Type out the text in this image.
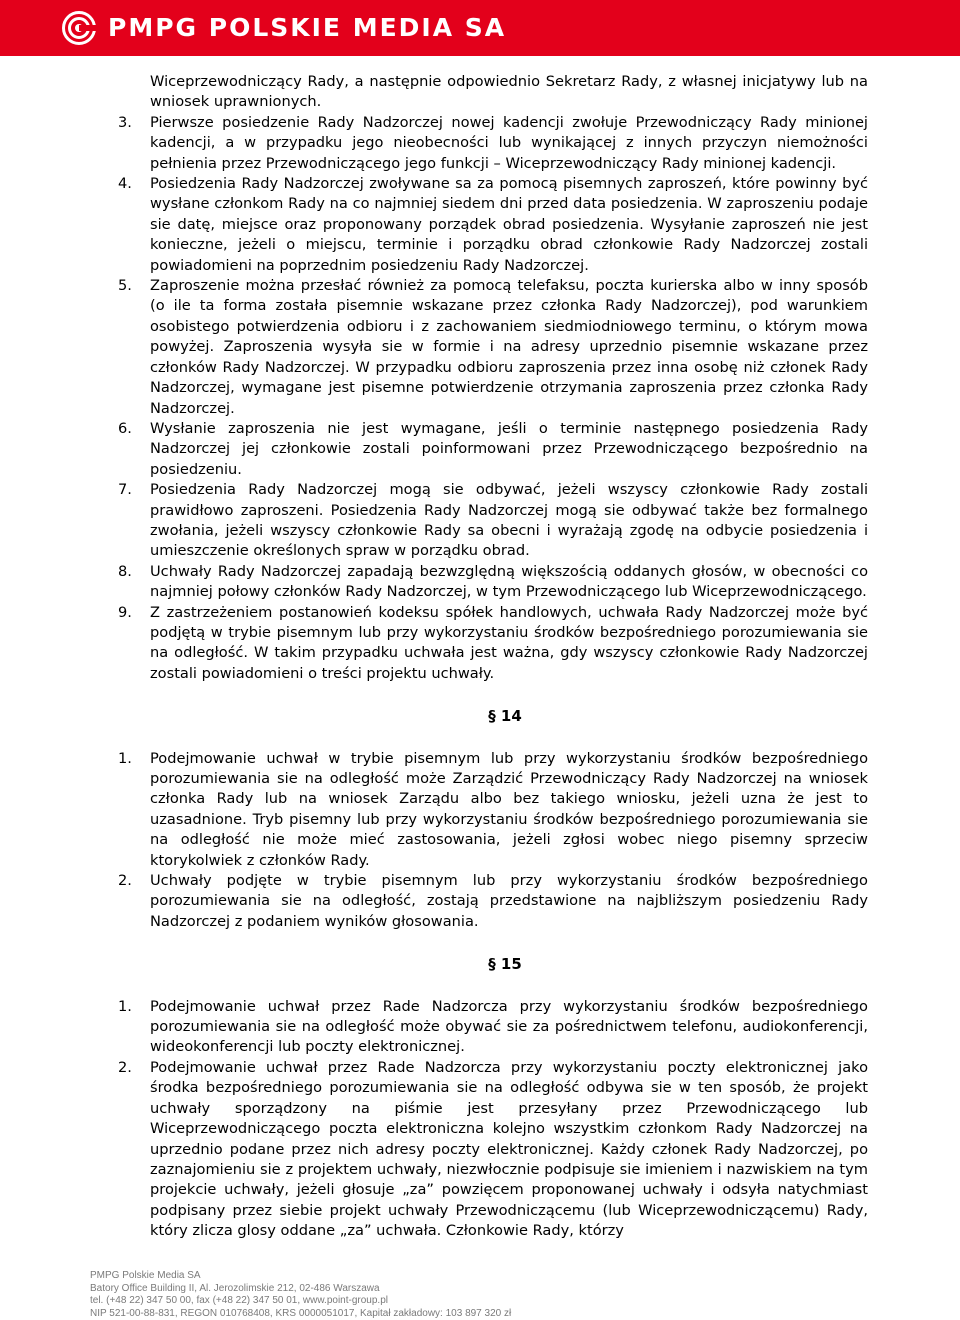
PMPG POLSKIE MEDIA SA
Wiceprzewodniczący Rady, a następnie odpowiednio Sekretarz Rady, z własnej inicjatywy lub na wniosek uprawnionych.
3. Pierwsze posiedzenie Rady Nadzorczej nowej kadencji zwołuje Przewodniczący Rady minionej kadencji, a w przypadku jego nieobecności lub wynikającej z innych przyczyn niemożności pełnienia przez Przewodniczącego jego funkcji – Wiceprzewodniczący Rady minionej kadencji.
4. Posiedzenia Rady Nadzorczej zwoływane sa za pomocą pisemnych zaproszeń, które powinny być wysłane członkom Rady na co najmniej siedem dni przed data posiedzenia. W zaproszeniu podaje sie datę, miejsce oraz proponowany porządek obrad posiedzenia. Wysyłanie zaproszeń nie jest konieczne, jeżeli o miejscu, terminie i porządku obrad członkowie Rady Nadzorczej zostali powiadomieni na poprzednim posiedzeniu Rady Nadzorczej.
5. Zaproszenie można przesłać również za pomocą telefaksu, poczta kurierska albo w inny sposób (o ile ta forma została pisemnie wskazane przez członka Rady Nadzorczej), pod warunkiem osobistego potwierdzenia odbioru i z zachowaniem siedmiodniowego terminu, o którym mowa powyżej. Zaproszenia wysyła sie w formie i na adresy uprzednio pisemnie wskazane przez członków Rady Nadzorczej. W przypadku odbioru zaproszenia przez inna osobę niż członek Rady Nadzorczej, wymagane jest pisemne potwierdzenie otrzymania zaproszenia przez członka Rady Nadzorczej.
6. Wysłanie zaproszenia nie jest wymagane, jeśli o terminie następnego posiedzenia Rady Nadzorczej jej członkowie zostali poinformowani przez Przewodniczącego bezpośrednio na posiedzeniu.
7. Posiedzenia Rady Nadzorczej mogą sie odbywać, jeżeli wszyscy członkowie Rady zostali prawidłowo zaproszeni. Posiedzenia Rady Nadzorczej mogą sie odbywać także bez formalnego zwołania, jeżeli wszyscy członkowie Rady sa obecni i wyrażają zgodę na odbycie posiedzenia i umieszczenie określonych spraw w porządku obrad.
8. Uchwały Rady Nadzorczej zapadają bezwzględną większością oddanych głosów, w obecności co najmniej połowy członków Rady Nadzorczej, w tym Przewodniczącego lub Wiceprzewodniczącego.
9. Z zastrzeżeniem postanowień kodeksu spółek handlowych, uchwała Rady Nadzorczej może być podjętą w trybie pisemnym lub przy wykorzystaniu środków bezpośredniego porozumiewania sie na odległość. W takim przypadku uchwała jest ważna, gdy wszyscy członkowie Rady Nadzorczej zostali powiadomieni o treści projektu uchwały.
§ 14
1. Podejmowanie uchwał w trybie pisemnym lub przy wykorzystaniu środków bezpośredniego porozumiewania sie na odległość może Zarządzić Przewodniczący Rady Nadzorczej na wniosek członka Rady lub na wniosek Zarządu albo bez takiego wniosku, jeżeli uzna że jest to uzasadnione. Tryb pisemny lub przy wykorzystaniu środków bezpośredniego porozumiewania sie na odległość nie może mieć zastosowania, jeżeli zgłosi wobec niego pisemny sprzeciw ktorykolwiek z członków Rady.
2. Uchwały podjęte w trybie pisemnym lub przy wykorzystaniu środków bezpośredniego porozumiewania sie na odległość, zostają przedstawione na najbliższym posiedzeniu Rady Nadzorczej z podaniem wyników głosowania.
§ 15
1. Podejmowanie uchwał przez Rade Nadzorcza przy wykorzystaniu środków bezpośredniego porozumiewania sie na odległość może obywać sie za pośrednictwem telefonu, audiokonferencji, wideokonferencji lub poczty elektronicznej.
2. Podejmowanie uchwał przez Rade Nadzorcza przy wykorzystaniu poczty elektronicznej jako środka bezpośredniego porozumiewania sie na odległość odbywa sie w ten sposób, że projekt uchwały sporządzony na piśmie jest przesyłany przez Przewodniczącego lub Wiceprzewodniczącego poczta elektroniczna kolejno wszystkim członkom Rady Nadzorczej na uprzednio podane przez nich adresy poczty elektronicznej. Każdy członek Rady Nadzorczej, po zaznajomieniu sie z projektem uchwały, niezwłocznie podpisuje sie imieniem i nazwiskiem na tym projekcie uchwały, jeżeli głosuje „za” powzięcem proponowanej uchwały i odsyła natychmiast podpisany przez siebie projekt uchwały Przewodniczącemu (lub Wiceprzewodniczącemu) Rady, który zlicza glosy oddane „za” uchwała. Członkowie Rady, którzy
PMPG Polskie Media SA
Batory Office Building II, Al. Jerozolimskie 212, 02-486 Warszawa
tel. (+48 22) 347 50 00, fax (+48 22) 347 50 01, www.point-group.pl
NIP 521-00-88-831, REGON 010768408, KRS 0000051017, Kapitał zakładowy: 103 897 320 zł
